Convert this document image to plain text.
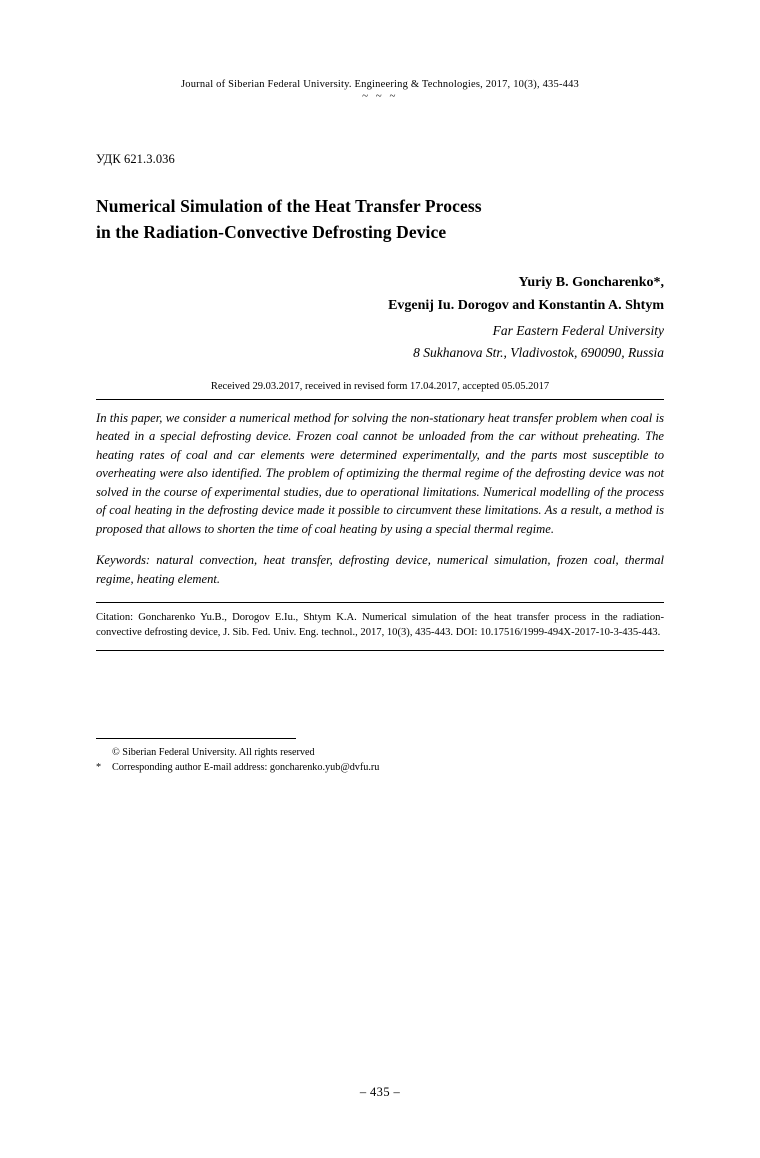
Journal of Siberian Federal University. Engineering & Technologies, 2017, 10(3), 435-443
~ ~ ~
УДК 621.3.036
Numerical Simulation of the Heat Transfer Process
in the Radiation-Convective Defrosting Device
Yuriy B. Goncharenko*,
Evgenij Iu. Dorogov and Konstantin A. Shtym
Far Eastern Federal University
8 Sukhanova Str., Vladivostok, 690090, Russia
Received 29.03.2017, received in revised form 17.04.2017, accepted 05.05.2017
In this paper, we consider a numerical method for solving the non-stationary heat transfer problem when coal is heated in a special defrosting device. Frozen coal cannot be unloaded from the car without preheating. The heating rates of coal and car elements were determined experimentally, and the parts most susceptible to overheating were also identified. The problem of optimizing the thermal regime of the defrosting device was not solved in the course of experimental studies, due to operational limitations. Numerical modelling of the process of coal heating in the defrosting device made it possible to circumvent these limitations. As a result, a method is proposed that allows to shorten the time of coal heating by using a special thermal regime.
Keywords: natural convection, heat transfer, defrosting device, numerical simulation, frozen coal, thermal regime, heating element.
Citation: Goncharenko Yu.B., Dorogov E.Iu., Shtym K.A. Numerical simulation of the heat transfer process in the radiation-convective defrosting device, J. Sib. Fed. Univ. Eng. technol., 2017, 10(3), 435-443. DOI: 10.17516/1999-494X-2017-10-3-435-443.
© Siberian Federal University. All rights reserved
*	Corresponding author E-mail address: goncharenko.yub@dvfu.ru
– 435 –
